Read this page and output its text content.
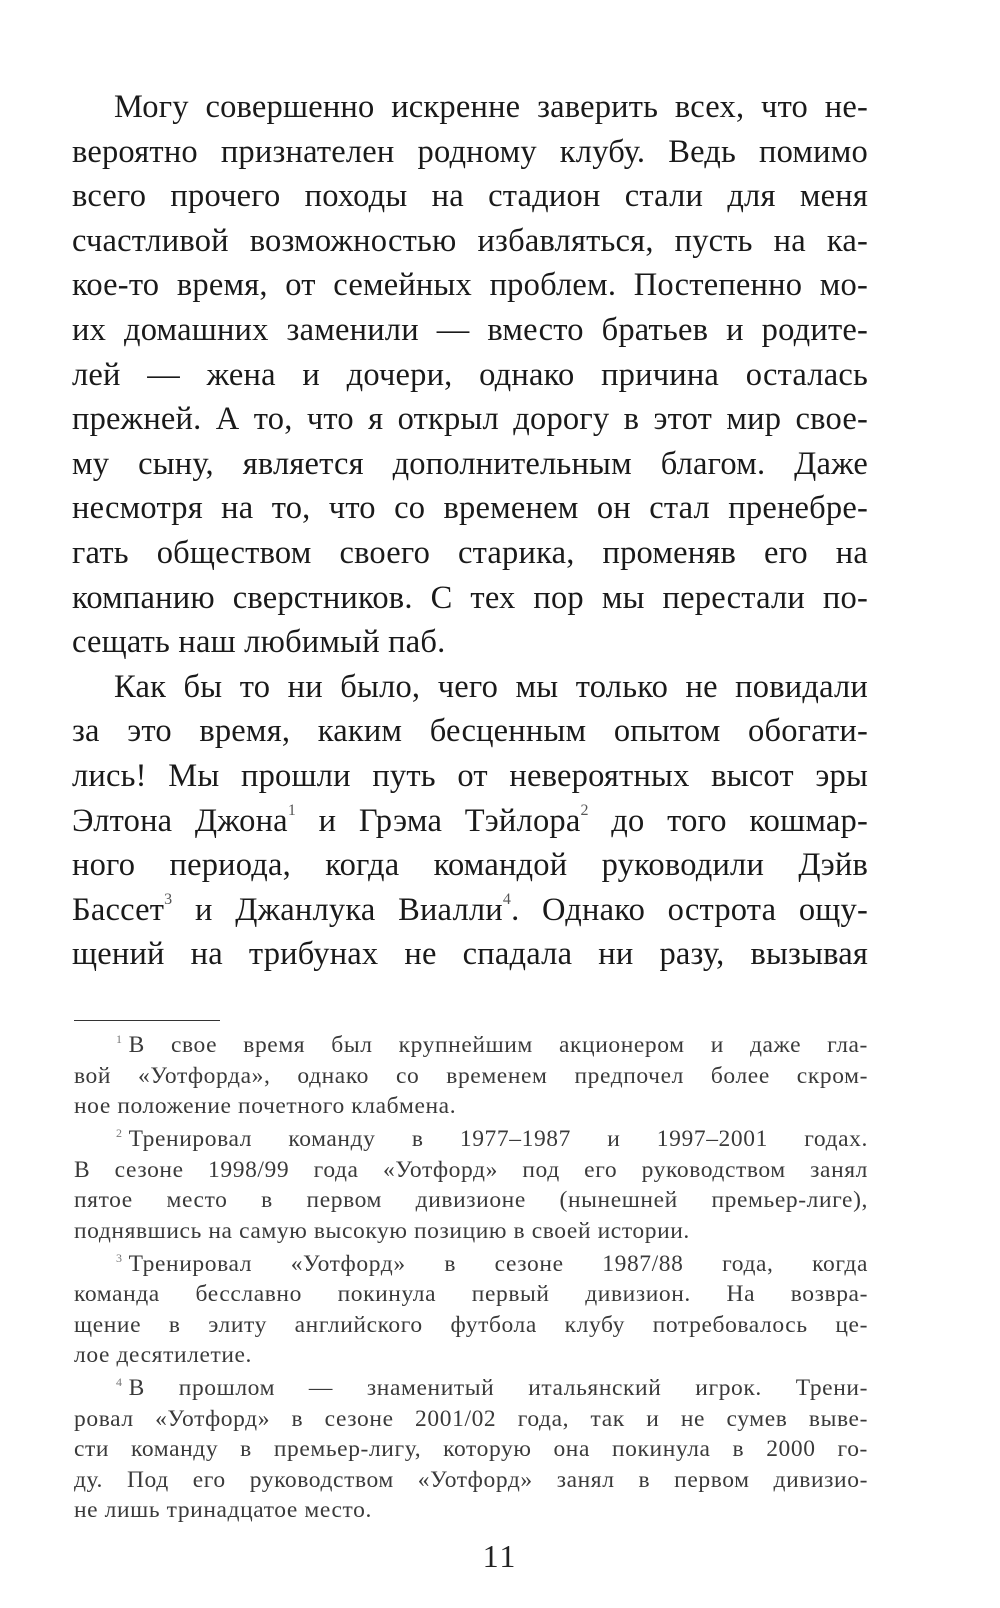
Могу совершенно искренне заверить всех, что не-
вероятно признателен родному клубу. Ведь помимо
всего прочего походы на стадион стали для меня
счастливой возможностью избавляться, пусть на ка-
кое-то время, от семейных проблем. Постепенно мо-
их домашних заменили — вместо братьев и родите-
лей — жена и дочери, однако причина осталась
прежней. А то, что я открыл дорогу в этот мир свое-
му сыну, является дополнительным благом. Даже
несмотря на то, что со временем он стал пренебре-
гать обществом своего старика, променяв его на
компанию сверстников. С тех пор мы перестали по-
сещать наш любимый паб.
Как бы то ни было, чего мы только не повидали
за это время, каким бесценным опытом обогати-
лись! Мы прошли путь от невероятных высот эры
Элтона Джона$^1$ и Грэма Тэйлора$^2$ до того кошмар-
ного периода, когда командой руководили Дэйв
Бассет$^3$ и Джанлука Виалли$^4$. Однако острота ощу-
щений на трибунах не спадала ни разу, вызывая
$^1$ В свое время был крупнейшим акционером и даже гла-
вой «Уотфорда», однако со временем предпочел более скром-
ное положение почетного клабмена.
$^2$ Тренировал команду в 1977–1987 и 1997–2001 годах.
В сезоне 1998/99 года «Уотфорд» под его руководством занял
пятое место в первом дивизионе (нынешней премьер-лиге),
поднявшись на самую высокую позицию в своей истории.
$^3$ Тренировал «Уотфорд» в сезоне 1987/88 года, когда
команда бесславно покинула первый дивизион. На возвра-
щение в элиту английского футбола клубу потребовалось це-
лое десятилетие.
$^4$ В прошлом — знаменитый итальянский игрок. Трени-
ровал «Уотфорд» в сезоне 2001/02 года, так и не сумев выве-
сти команду в премьер-лигу, которую она покинула в 2000 го-
ду. Под его руководством «Уотфорд» занял в первом дивизио-
не лишь тринадцатое место.
11
